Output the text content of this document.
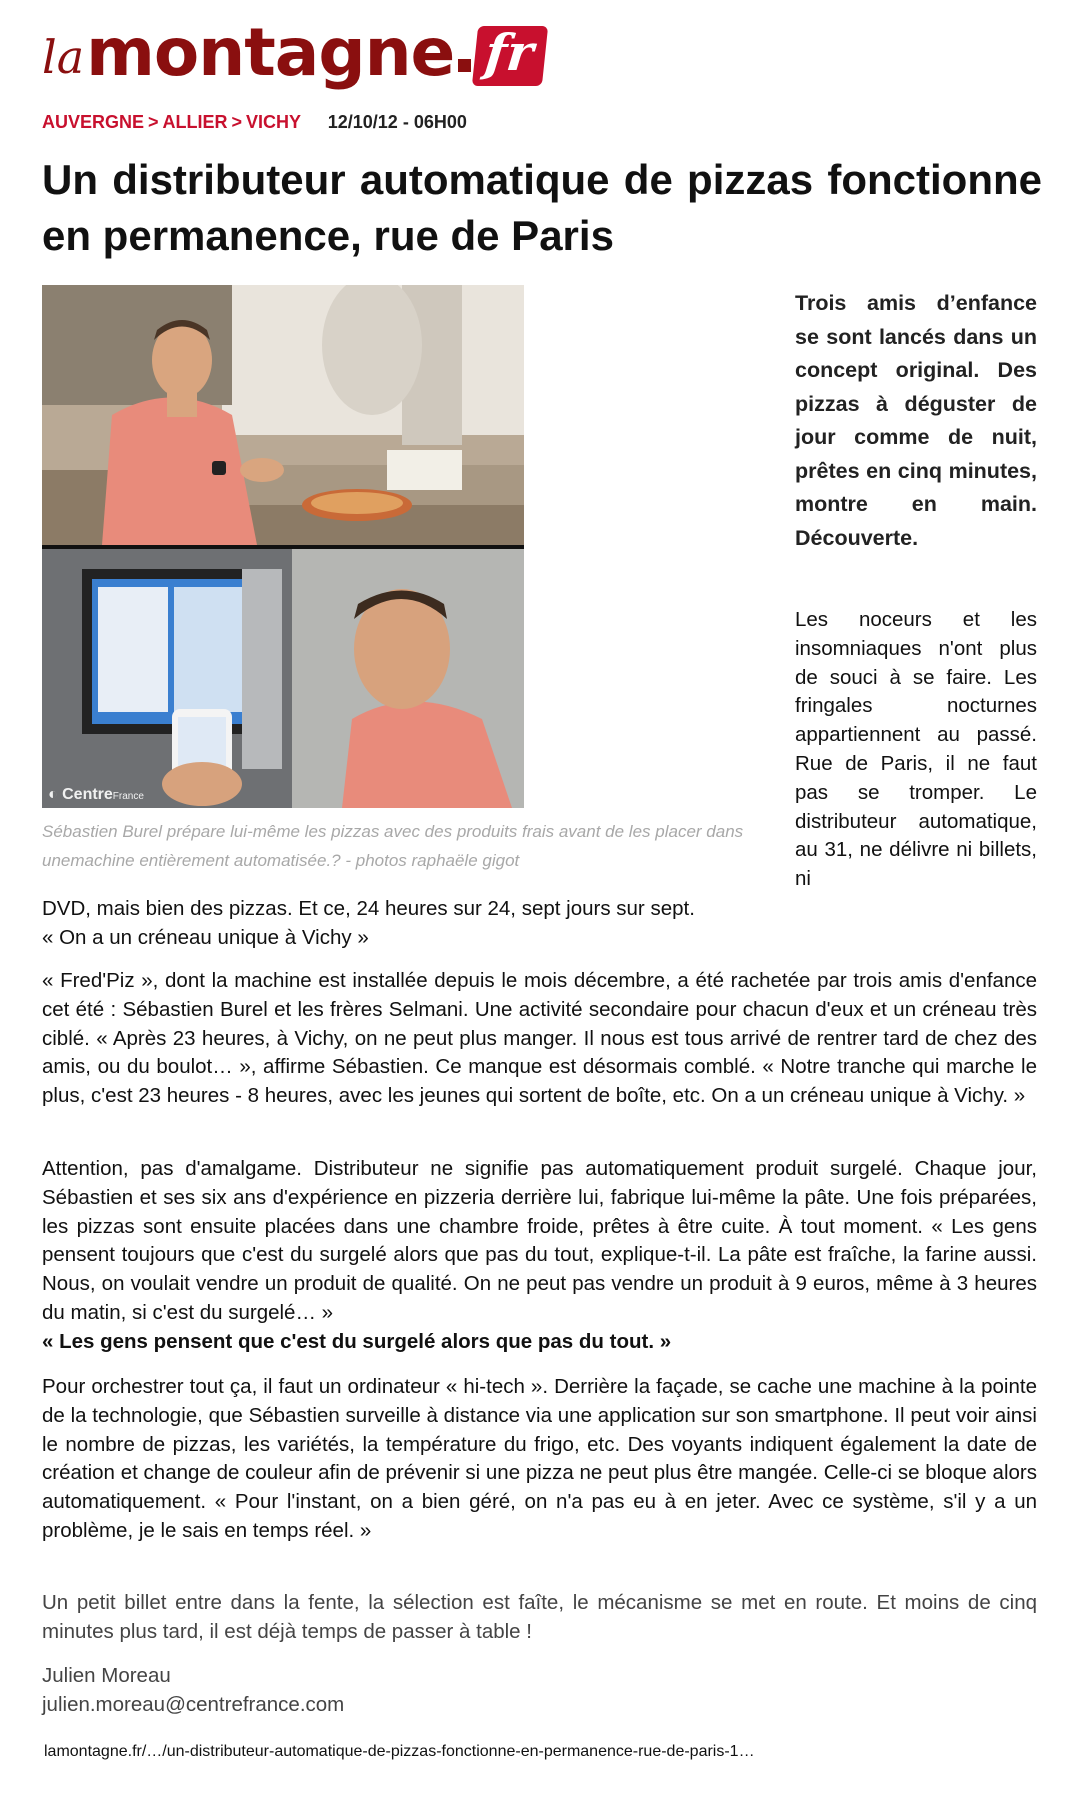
la montagne fr
AUVERGNE > ALLIER > VICHY 12/10/12 - 06H00
Un distributeur automatique de pizzas fonctionne en permanence, rue de Paris
◐ CentreFrance
Sébastien Burel prépare lui-même les pizzas avec des produits frais avant de les placer dans unemachine entièrement automatisée.? - photos raphaële gigot

Trois amis d’enfance se sont lancés dans un concept original. Des pizzas à déguster de jour comme de nuit, prêtes en cinq minutes, montre en main. Découverte.

Les noceurs et les insomniaques n'ont plus de souci à se faire. Les fringales nocturnes appartiennent au passé. Rue de Paris, il ne faut pas se tromper. Le distributeur automatique, au 31, ne délivre ni billets, ni

DVD, mais bien des pizzas. Et ce, 24 heures sur 24, sept jours sur sept.

« On a un créneau unique à Vichy »

« Fred'Piz », dont la machine est installée depuis le mois décembre, a été rachetée par trois amis d'enfance cet été : Sébastien Burel et les frères Selmani. Une activité secondaire pour chacun d'eux et un créneau très ciblé. « Après 23 heures, à Vichy, on ne peut plus manger. Il nous est tous arrivé de rentrer tard de chez des amis, ou du boulot… », affirme Sébastien. Ce manque est désormais comblé. « Notre tranche qui marche le plus, c'est 23 heures - 8 heures, avec les jeunes qui sortent de boîte, etc. On a un créneau unique à Vichy. »

Attention, pas d'amalgame. Distributeur ne signifie pas automatiquement produit surgelé. Chaque jour, Sébastien et ses six ans d'expérience en pizzeria derrière lui, fabrique lui-même la pâte. Une fois préparées, les pizzas sont ensuite placées dans une chambre froide, prêtes à être cuite. À tout moment. « Les gens pensent toujours que c'est du surgelé alors que pas du tout, explique-t-il. La pâte est fraîche, la farine aussi. Nous, on voulait vendre un produit de qualité. On ne peut pas vendre un produit à 9 euros, même à 3 heures du matin, si c'est du surgelé… »

« Les gens pensent que c'est du surgelé alors que pas du tout. »

Pour orchestrer tout ça, il faut un ordinateur « hi-tech ». Derrière la façade, se cache une machine à la pointe de la technologie, que Sébastien surveille à distance via une application sur son smartphone. Il peut voir ainsi le nombre de pizzas, les variétés, la température du frigo, etc. Des voyants indiquent également la date de création et change de couleur afin de prévenir si une pizza ne peut plus être mangée. Celle-ci se bloque alors automatiquement. « Pour l'instant, on a bien géré, on n'a pas eu à en jeter. Avec ce système, s'il y a un problème, je le sais en temps réel. »

Un petit billet entre dans la fente, la sélection est faîte, le mécanisme se met en route. Et moins de cinq minutes plus tard, il est déjà temps de passer à table !

Julien Moreau

julien.moreau@centrefrance.com

lamontagne.fr/…/un-distributeur-automatique-de-pizzas-fonctionne-en-permanence-rue-de-paris-1…
